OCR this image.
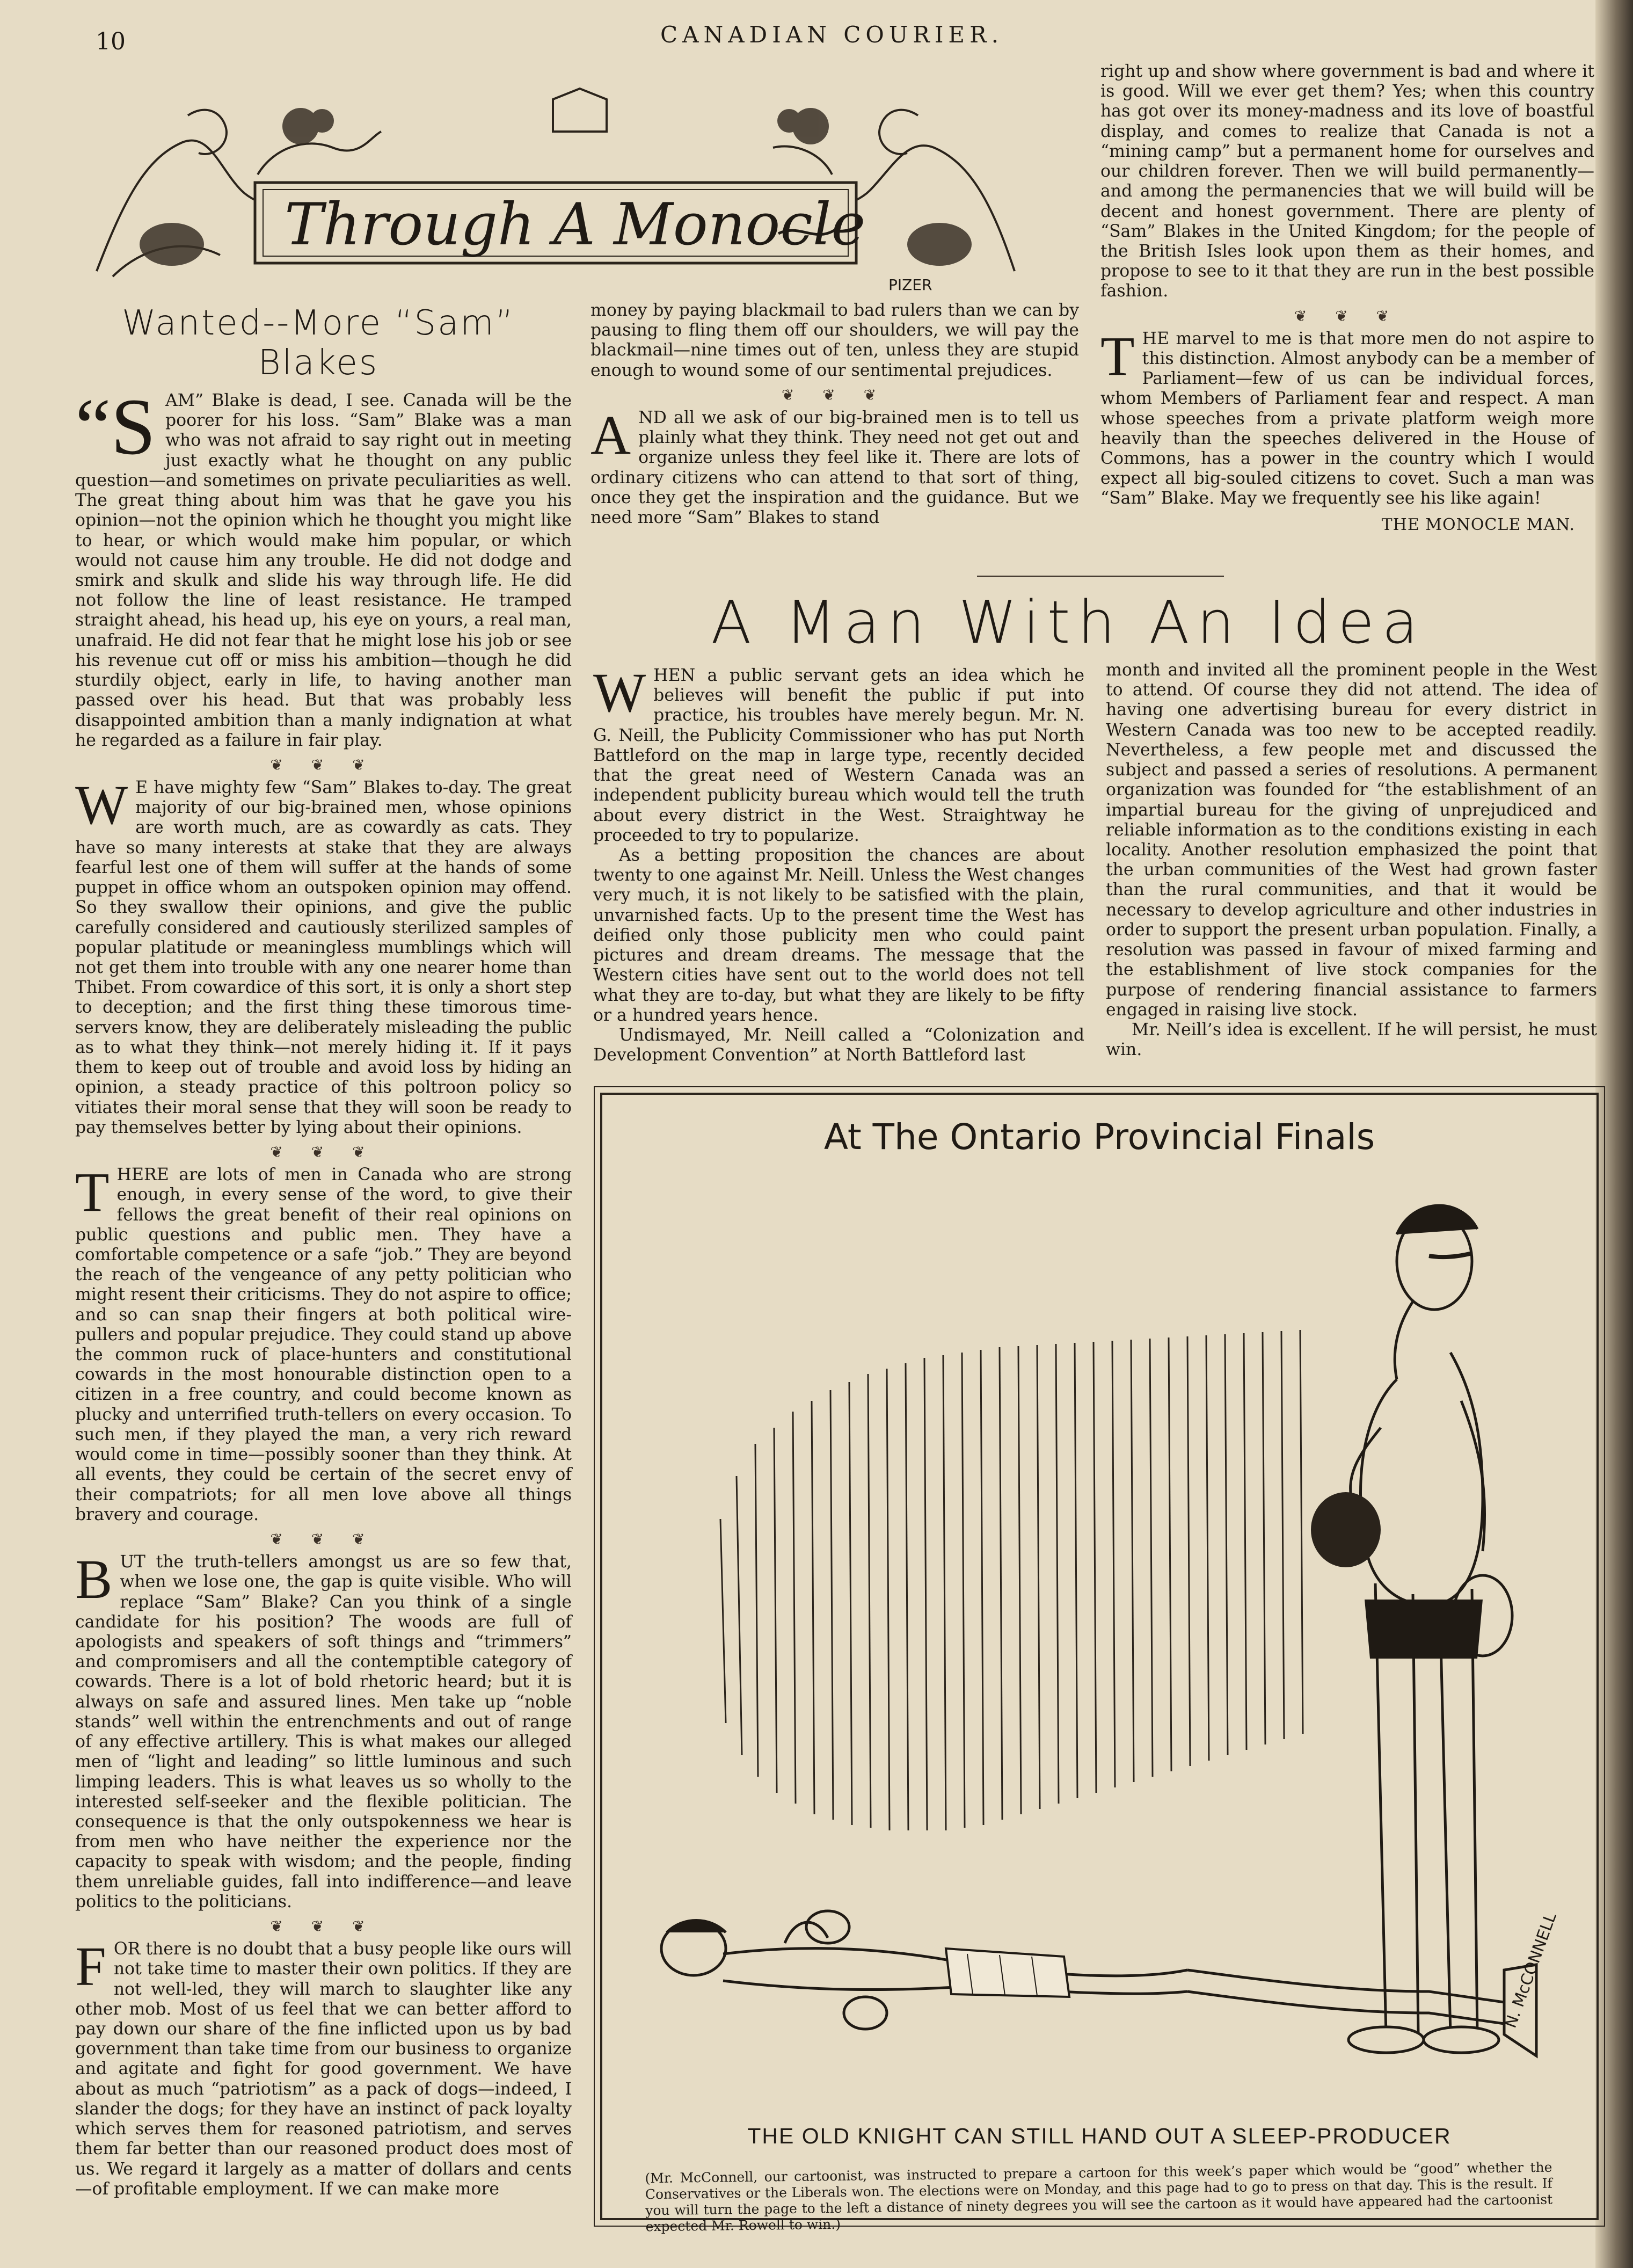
10	CANADIAN COURIER.
Through A Monocle
PIZER
Wanted--More “Sam” Blakes

“SAM” Blake is dead, I see. Canada will be the poorer for his loss. “Sam” Blake was a man who was not afraid to say right out in meeting just exactly what he thought on any public question—and sometimes on private peculiarities as well. The great thing about him was that he gave you his opinion—not the opinion which he thought you might like to hear, or which would make him popular, or which would not cause him any trouble. He did not dodge and smirk and skulk and slide his way through life. He did not follow the line of least resistance. He tramped straight ahead, his head up, his eye on yours, a real man, unafraid. He did not fear that he might lose his job or see his revenue cut off or miss his ambition—though he did sturdily object, early in life, to having another man passed over his head. But that was probably less disappointed ambition than a manly indignation at what he regarded as a failure in fair play.

❦ ❦ ❦

W E have mighty few “Sam” Blakes to-day. The great majority of our big-brained men, whose opinions are worth much, are as cowardly as cats. They have so many interests at stake that they are always fearful lest one of them will suffer at the hands of some puppet in office whom an outspoken opinion may offend. So they swallow their opinions, and give the public carefully considered and cautiously sterilized samples of popular platitude or meaningless mumblings which will not get them into trouble with any one nearer home than Thibet. From cowardice of this sort, it is only a short step to deception; and the first thing these timorous time-servers know, they are deliberately misleading the public as to what they think—not merely hiding it. If it pays them to keep out of trouble and avoid loss by hiding an opinion, a steady practice of this poltroon policy so vitiates their moral sense that they will soon be ready to pay themselves better by lying about their opinions.

❦ ❦ ❦

THERE are lots of men in Canada who are strong enough, in every sense of the word, to give their fellows the great benefit of their real opinions on public questions and public men. They have a comfortable competence or a safe “job.” They are beyond the reach of the vengeance of any petty politician who might resent their criticisms. They do not aspire to office; and so can snap their fingers at both political wire-pullers and popular prejudice. They could stand up above the common ruck of place-hunters and constitutional cowards in the most honourable distinction open to a citizen in a free country, and could become known as plucky and unterrified truth-tellers on every occasion. To such men, if they played the man, a very rich reward would come in time—possibly sooner than they think. At all events, they could be certain of the secret envy of their compatriots; for all men love above all things bravery and courage.

❦ ❦ ❦

BUT the truth-tellers amongst us are so few that, when we lose one, the gap is quite visible. Who will replace “Sam” Blake? Can you think of a single candidate for his position? The woods are full of apologists and speakers of soft things and “trimmers” and compromisers and all the contemptible category of cowards. There is a lot of bold rhetoric heard; but it is always on safe and assured lines. Men take up “noble stands” well within the entrenchments and out of range of any effective artillery. This is what makes our alleged men of “light and leading” so little luminous and such limping leaders. This is what leaves us so wholly to the interested self-seeker and the flexible politician. The consequence is that the only outspokenness we hear is from men who have neither the experience nor the capacity to speak with wisdom; and the people, finding them unreliable guides, fall into indifference—and leave politics to the politicians.

❦ ❦ ❦

FOR there is no doubt that a busy people like ours will not take time to master their own politics. If they are not well-led, they will march to slaughter like any other mob. Most of us feel that we can better afford to pay down our share of the fine inflicted upon us by bad government than take time from our business to organize and agitate and fight for good government. We have about as much “patriotism” as a pack of dogs—indeed, I slander the dogs; for they have an instinct of pack loyalty which serves them for reasoned patriotism, and serves them far better than our reasoned product does most of us. We regard it largely as a matter of dollars and cents —of profitable employment. If we can make more

money by paying blackmail to bad rulers than we can by pausing to fling them off our shoulders, we will pay the blackmail—nine times out of ten, unless they are stupid enough to wound some of our sentimental prejudices.

❦ ❦ ❦

AND all we ask of our big-brained men is to tell us plainly what they think. They need not get out and organize unless they feel like it. There are lots of ordinary citizens who can attend to that sort of thing, once they get the inspiration and the guidance. But we need more “Sam” Blakes to stand

right up and show where government is bad and where it is good. Will we ever get them? Yes; when this country has got over its money-madness and its love of boastful display, and comes to realize that Canada is not a “mining camp” but a permanent home for ourselves and our children forever. Then we will build permanently—and among the permanencies that we will build will be decent and honest government. There are plenty of “Sam” Blakes in the United Kingdom; for the people of the British Isles look upon them as their homes, and propose to see to it that they are run in the best possible fashion.

❦ ❦ ❦

THE marvel to me is that more men do not aspire to this distinction. Almost anybody can be a member of Parliament—few of us can be individual forces, whom Members of Parliament fear and respect. A man whose speeches from a private platform weigh more heavily than the speeches delivered in the House of Commons, has a power in the country which I would expect all big-souled citizens to covet. Such a man was “Sam” Blake. May we frequently see his like again!

THE MONOCLE MAN.
A Man With An Idea

WHEN a public servant gets an idea which he believes will benefit the public if put into practice, his troubles have merely begun. Mr. N. G. Neill, the Publicity Commissioner who has put North Battleford on the map in large type, recently decided that the great need of Western Canada was an independent publicity bureau which would tell the truth about every district in the West. Straightway he proceeded to try to popularize.

As a betting proposition the chances are about twenty to one against Mr. Neill. Unless the West changes very much, it is not likely to be satisfied with the plain, unvarnished facts. Up to the present time the West has deified only those publicity men who could paint pictures and dream dreams. The message that the Western cities have sent out to the world does not tell what they are to-day, but what they are likely to be fifty or a hundred years hence.

Undismayed, Mr. Neill called a “Colonization and Development Convention” at North Battleford last

month and invited all the prominent people in the West to attend. Of course they did not attend. The idea of having one advertising bureau for every district in Western Canada was too new to be accepted readily. Nevertheless, a few people met and discussed the subject and passed a series of resolutions. A permanent organization was founded for “the establishment of an impartial bureau for the giving of unprejudiced and reliable information as to the conditions existing in each locality. Another resolution emphasized the point that the urban communities of the West had grown faster than the rural communities, and that it would be necessary to develop agriculture and other industries in order to support the present urban population. Finally, a resolution was passed in favour of mixed farming and the establishment of live stock companies for the purpose of rendering financial assistance to farmers engaged in raising live stock.

Mr. Neill’s idea is excellent. If he will persist, he must win.

At The Ontario Provincial Finals
N. McCONNELL
THE OLD KNIGHT CAN STILL HAND OUT A SLEEP-PRODUCER
(Mr. McConnell, our cartoonist, was instructed to prepare a cartoon for this week’s paper which would be “good” whether the Conservatives or the Liberals won. The elections were on Monday, and this page had to go to press on that day. This is the result. If you will turn the page to the left a distance of ninety degrees you will see the cartoon as it would have appeared had the cartoonist expected Mr. Rowell to win.)
